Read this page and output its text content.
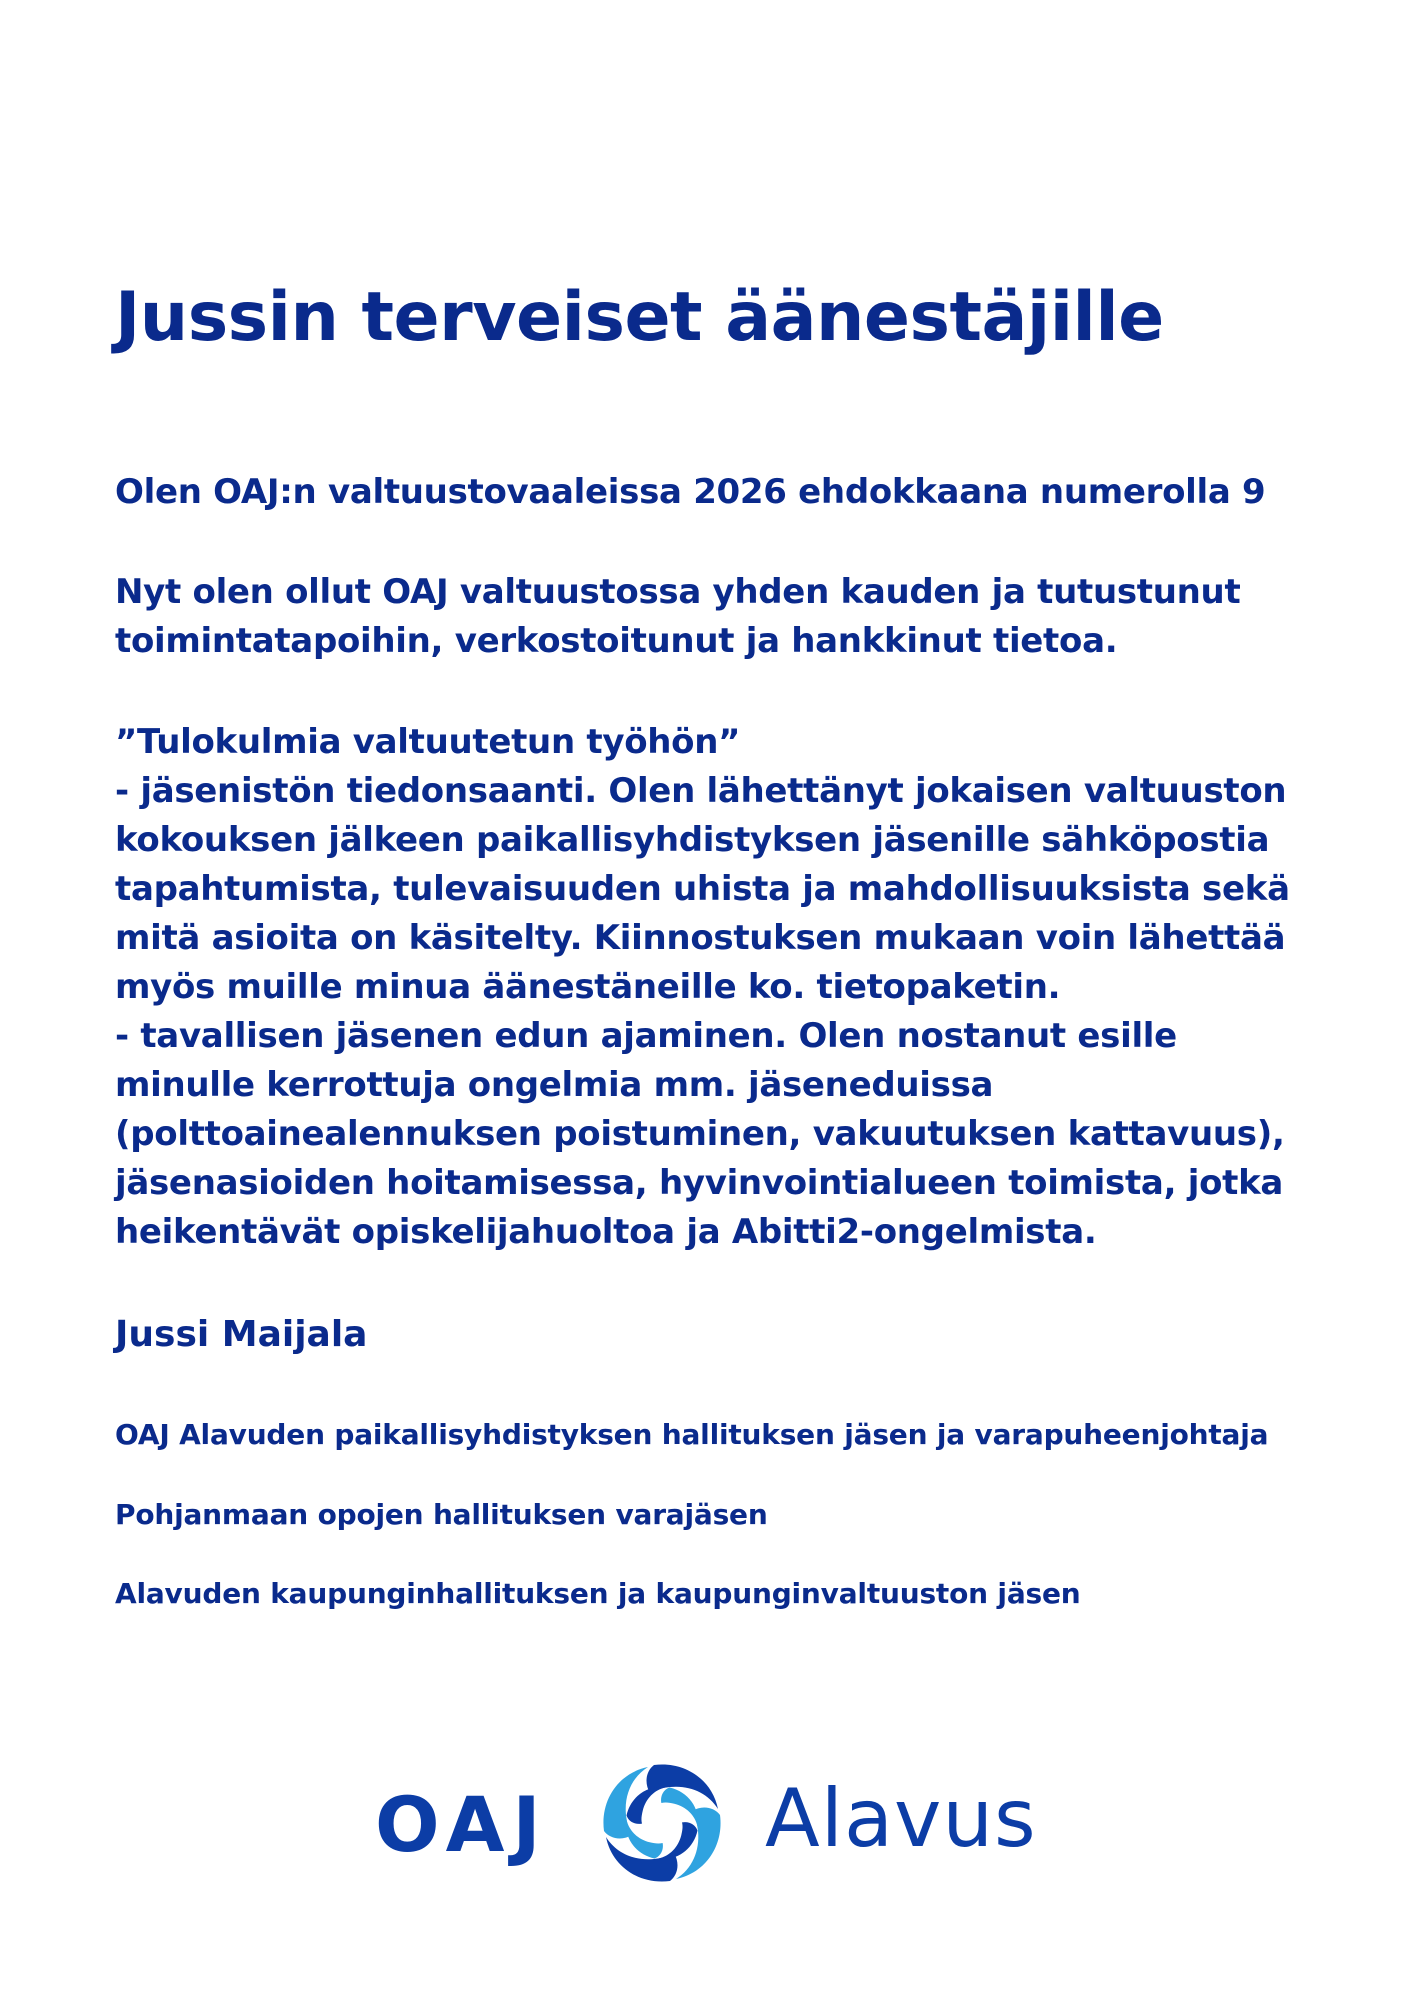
Jussin terveiset äänestäjille

Olen OAJ:n valtuustovaaleissa 2026 ehdokkaana numerolla 9

Nyt olen ollut OAJ valtuustossa yhden kauden ja tutustunut
toimintatapoihin, verkostoitunut ja hankkinut tietoa.

”Tulokulmia valtuutetun työhön”
- jäsenistön tiedonsaanti. Olen lähettänyt jokaisen valtuuston
kokouksen jälkeen paikallisyhdistyksen jäsenille sähköpostia
tapahtumista, tulevaisuuden uhista ja mahdollisuuksista sekä
mitä asioita on käsitelty. Kiinnostuksen mukaan voin lähettää
myös muille minua äänestäneille ko. tietopaketin.
- tavallisen jäsenen edun ajaminen. Olen nostanut esille
minulle kerrottuja ongelmia mm. jäseneduissa
(polttoainealennuksen poistuminen, vakuutuksen kattavuus),
jäsenasioiden hoitamisessa, hyvinvointialueen toimista, jotka
heikentävät opiskelijahuoltoa ja Abitti2-ongelmista.

Jussi Maijala

OAJ Alavuden paikallisyhdistyksen hallituksen jäsen ja varapuheenjohtaja

Pohjanmaan opojen hallituksen varajäsen

Alavuden kaupunginhallituksen ja kaupunginvaltuuston jäsen

OAJ	Alavus
